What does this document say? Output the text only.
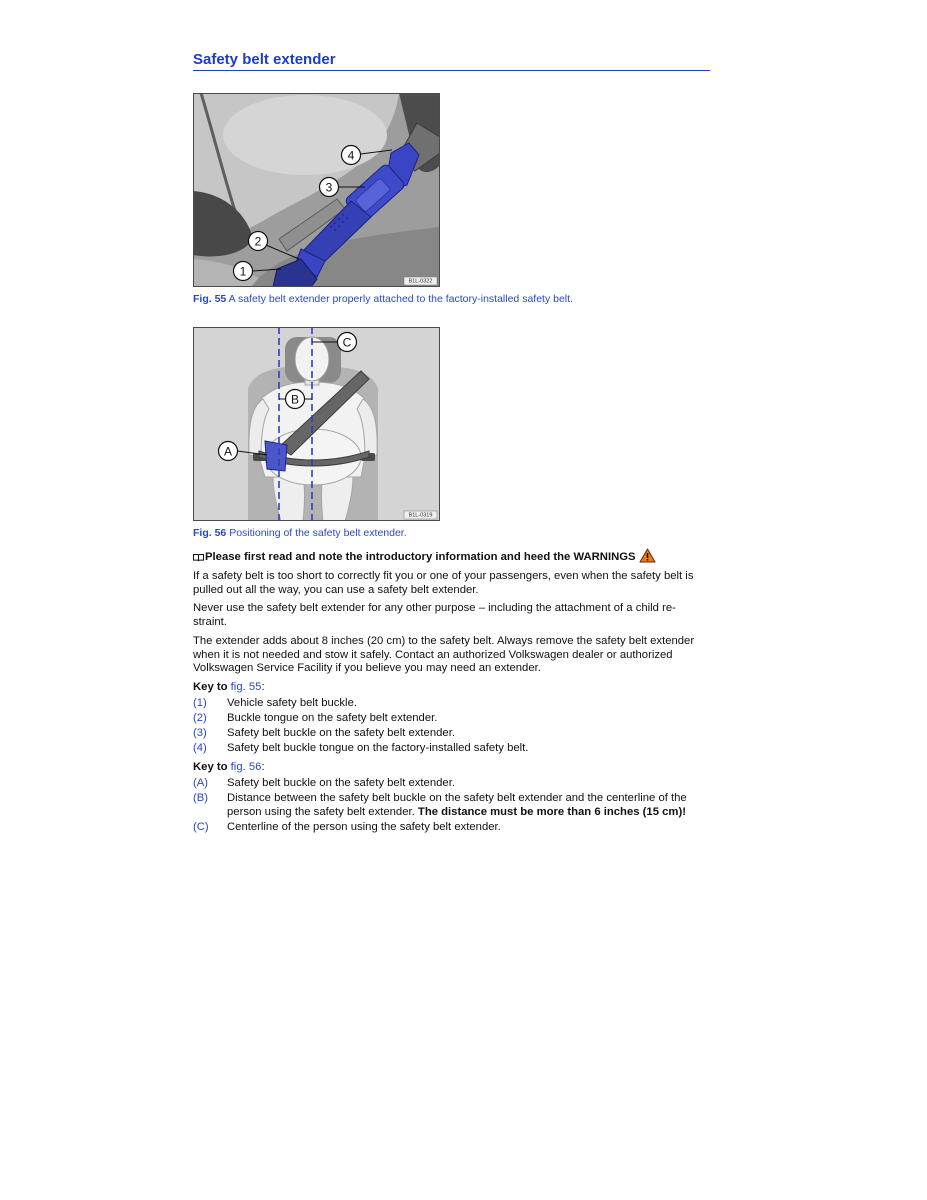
Safety belt extender
4
3
2
1
B1L-0322
Fig. 55 A safety belt extender properly attached to the factory-installed safety belt.
C
B
A
B1L-0319
Fig. 56 Positioning of the safety belt extender.
Please first read and note the introductory information and heed the WARNINGS
If a safety belt is too short to correctly fit you or one of your passengers, even when the safety belt is
pulled out all the way, you can use a safety belt extender.
Never use the safety belt extender for any other purpose – including the attachment of a child re-
straint.
The extender adds about 8 inches (20 cm) to the safety belt. Always remove the safety belt extender
when it is not needed and stow it safely. Contact an authorized Volkswagen dealer or authorized
Volkswagen Service Facility if you believe you may need an extender.
Key to fig. 55:
(1) Vehicle safety belt buckle.
(2) Buckle tongue on the safety belt extender.
(3) Safety belt buckle on the safety belt extender.
(4) Safety belt buckle tongue on the factory-installed safety belt.
Key to fig. 56:
(A) Safety belt buckle on the safety belt extender.
(B) Distance between the safety belt buckle on the safety belt extender and the centerline of the person using the safety belt extender. The distance must be more than 6 inches (15 cm)!
(C) Centerline of the person using the safety belt extender.
